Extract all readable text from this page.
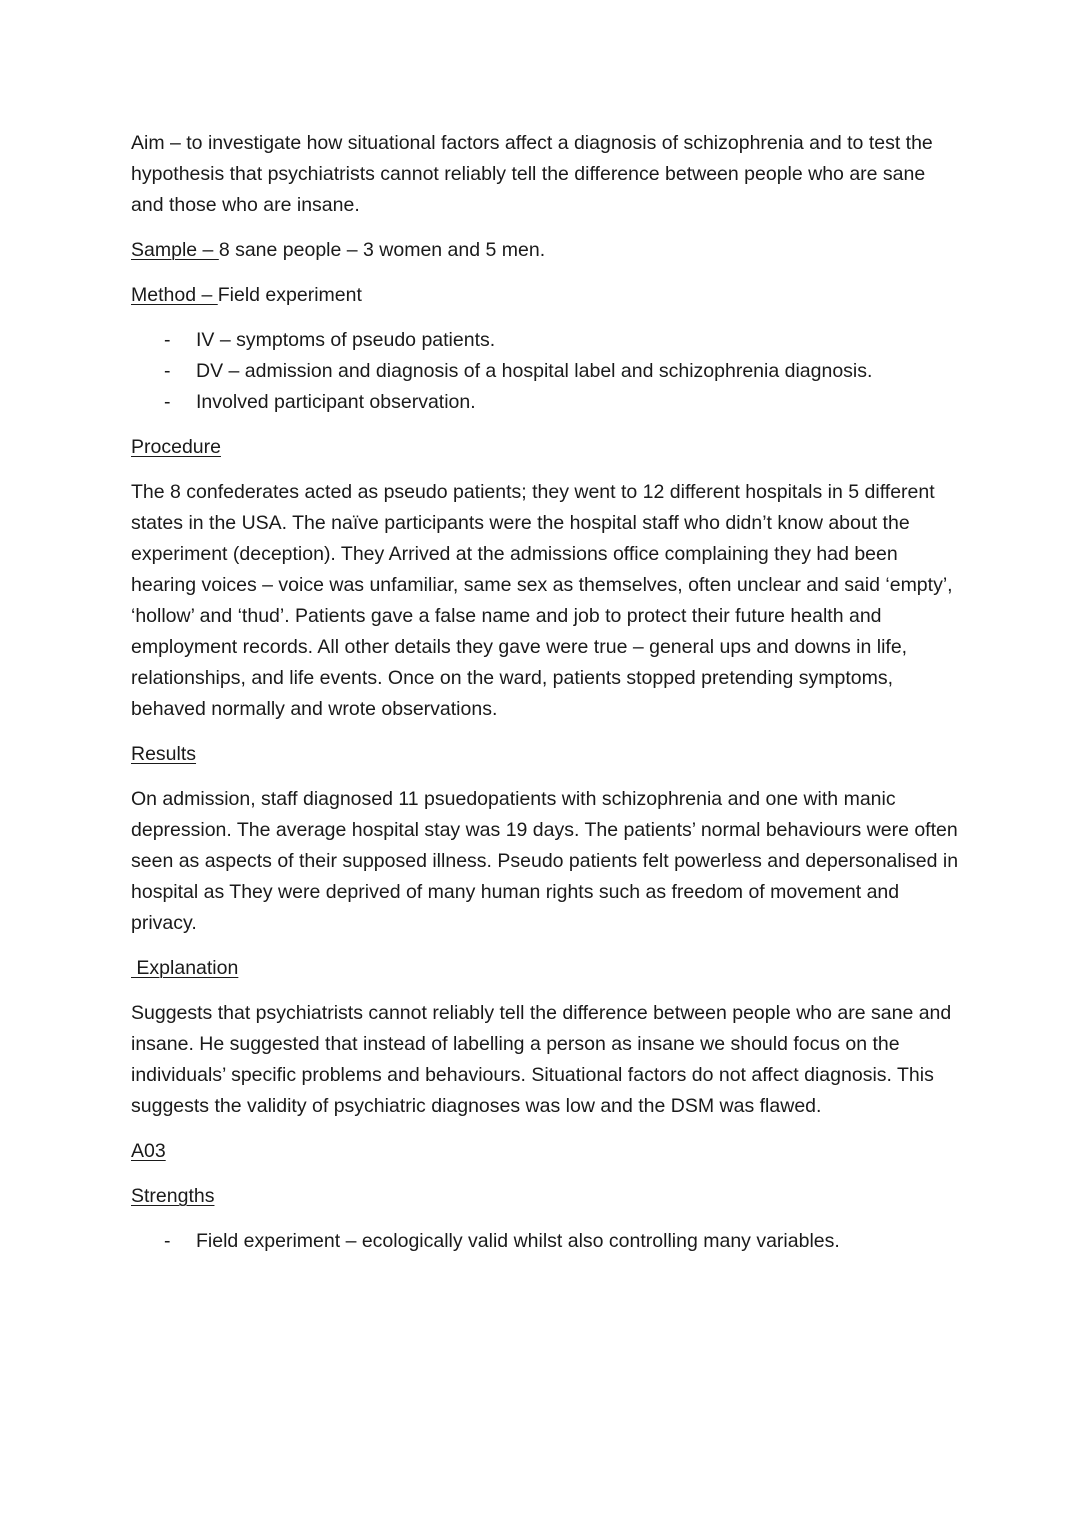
Aim – to investigate how situational factors affect a diagnosis of schizophrenia and to test the hypothesis that psychiatrists cannot reliably tell the difference between people who are sane and those who are insane.

Sample – 8 sane people – 3 women and 5 men.

Method – Field experiment

- IV – symptoms of pseudo patients.
- DV – admission and diagnosis of a hospital label and schizophrenia diagnosis.
- Involved participant observation.
Procedure

The 8 confederates acted as pseudo patients; they went to 12 different hospitals in 5 different states in the USA. The naïve participants were the hospital staff who didn’t know about the experiment (deception). They Arrived at the admissions office complaining they had been hearing voices – voice was unfamiliar, same sex as themselves, often unclear and said ‘empty’, ‘hollow’ and ‘thud’. Patients gave a false name and job to protect their future health and employment records. All other details they gave were true – general ups and downs in life, relationships, and life events. Once on the ward, patients stopped pretending symptoms, behaved normally and wrote observations.

Results

On admission, staff diagnosed 11 psuedopatients with schizophrenia and one with manic depression. The average hospital stay was 19 days. The patients’ normal behaviours were often seen as aspects of their supposed illness. Pseudo patients felt powerless and depersonalised in hospital as They were deprived of many human rights such as freedom of movement and privacy.

Explanation

Suggests that psychiatrists cannot reliably tell the difference between people who are sane and insane. He suggested that instead of labelling a person as insane we should focus on the individuals’ specific problems and behaviours. Situational factors do not affect diagnosis. This suggests the validity of psychiatric diagnoses was low and the DSM was flawed.

A03
Strengths
- Field experiment – ecologically valid whilst also controlling many variables.
